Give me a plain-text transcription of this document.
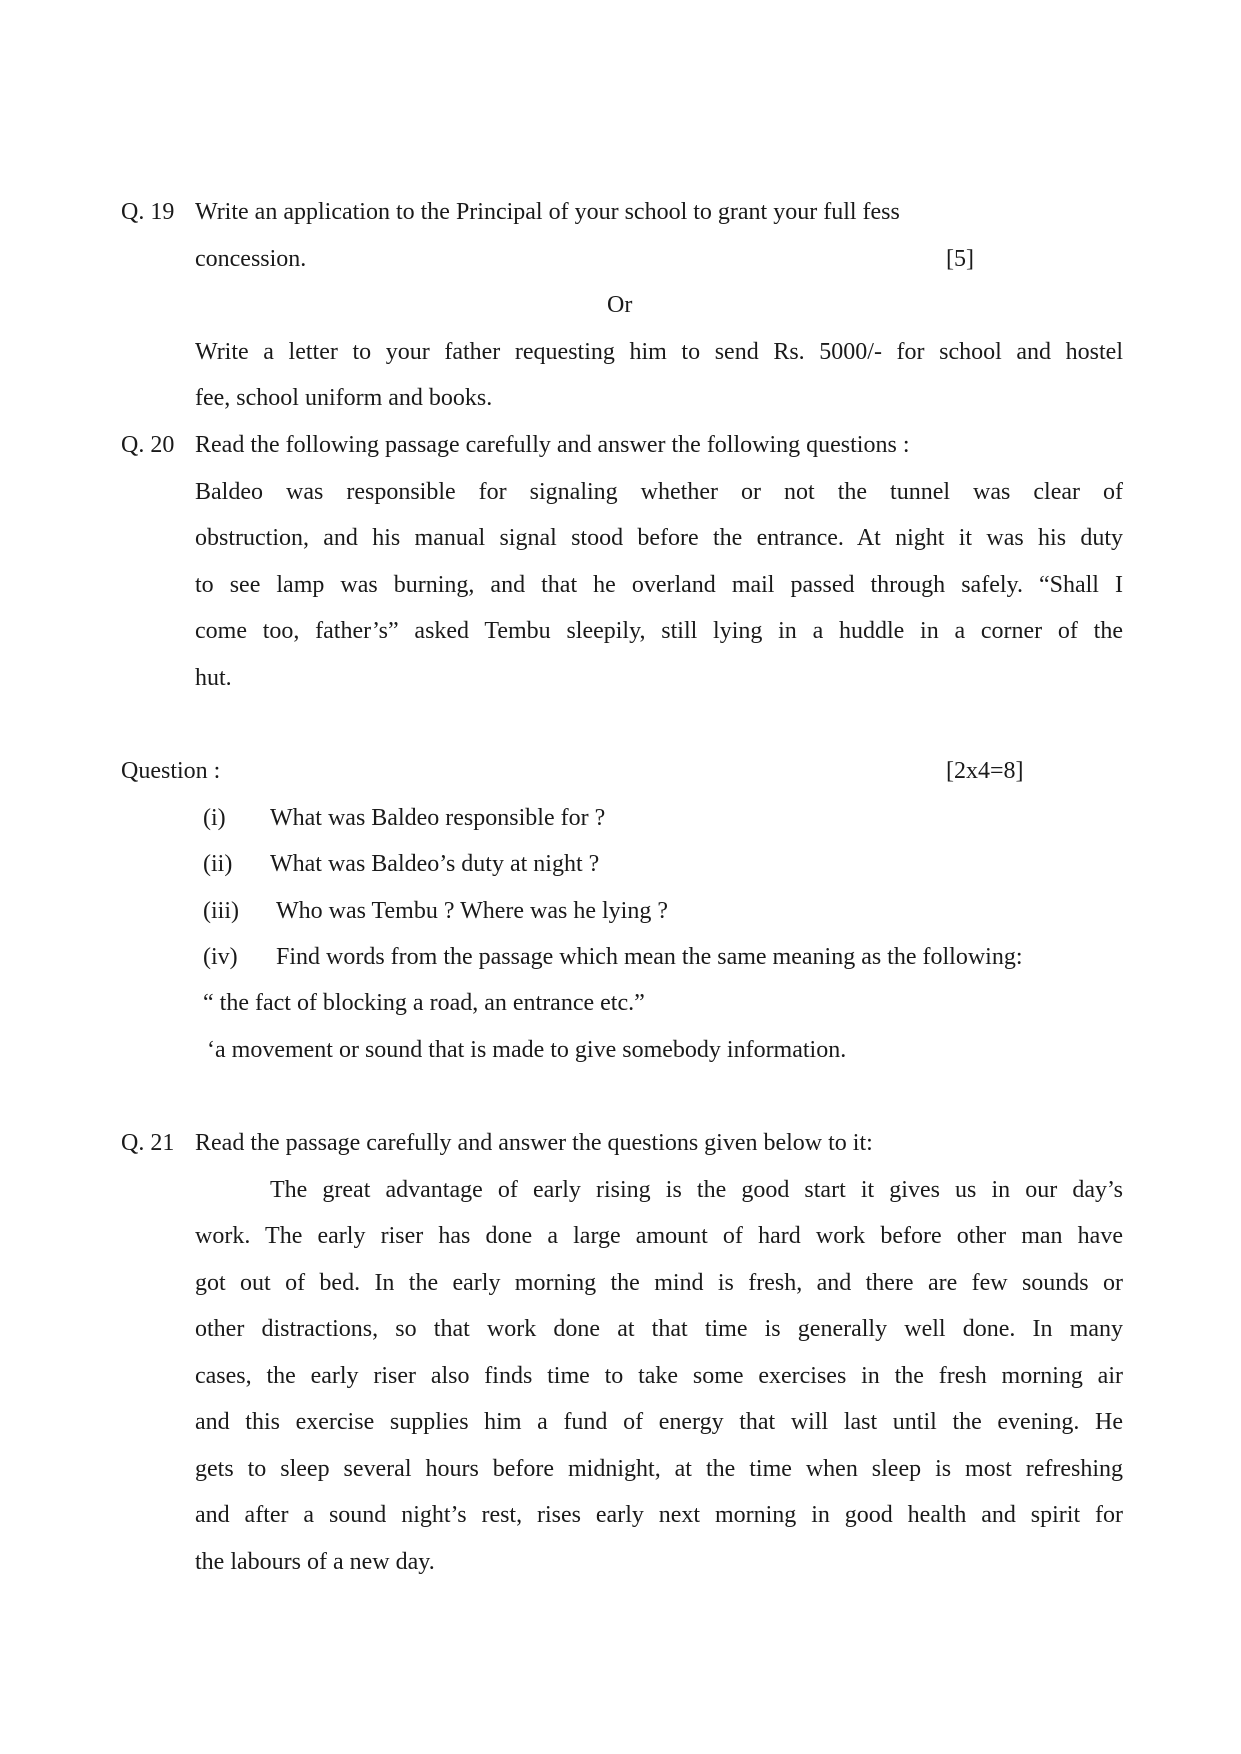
Q. 19 Write an application to the Principal of your school to grant your full fess
concession.	[5]
Or
Write a letter to your father requesting him to send Rs. 5000/- for school and hostel
fee, school uniform and books.
Q. 20 Read the following passage carefully and answer the following questions :
Baldeo was responsible for signaling whether or not the tunnel was clear of
obstruction, and his manual signal stood before the entrance. At night it was his duty
to see lamp was burning, and that he overland mail passed through safely. “Shall I
come too, father’s” asked Tembu sleepily, still lying in a huddle in a corner of the
hut.
Question :	[2x4=8]
(i) What was Baldeo responsible for ?
(ii) What was Baldeo’s duty at night ?
(iii) Who was Tembu ? Where was he lying ?
(iv) Find words from the passage which mean the same meaning as the following:
“ the fact of blocking a road, an entrance etc.”
‘a movement or sound that is made to give somebody information.
Q. 21 Read the passage carefully and answer the questions given below to it:
The great advantage of early rising is the good start it gives us in our day’s
work. The early riser has done a large amount of hard work before other man have
got out of bed. In the early morning the mind is fresh, and there are few sounds or
other distractions, so that work done at that time is generally well done. In many
cases, the early riser also finds time to take some exercises in the fresh morning air
and this exercise supplies him a fund of energy that will last until the evening. He
gets to sleep several hours before midnight, at the time when sleep is most refreshing
and after a sound night’s rest, rises early next morning in good health and spirit for
the labours of a new day.
